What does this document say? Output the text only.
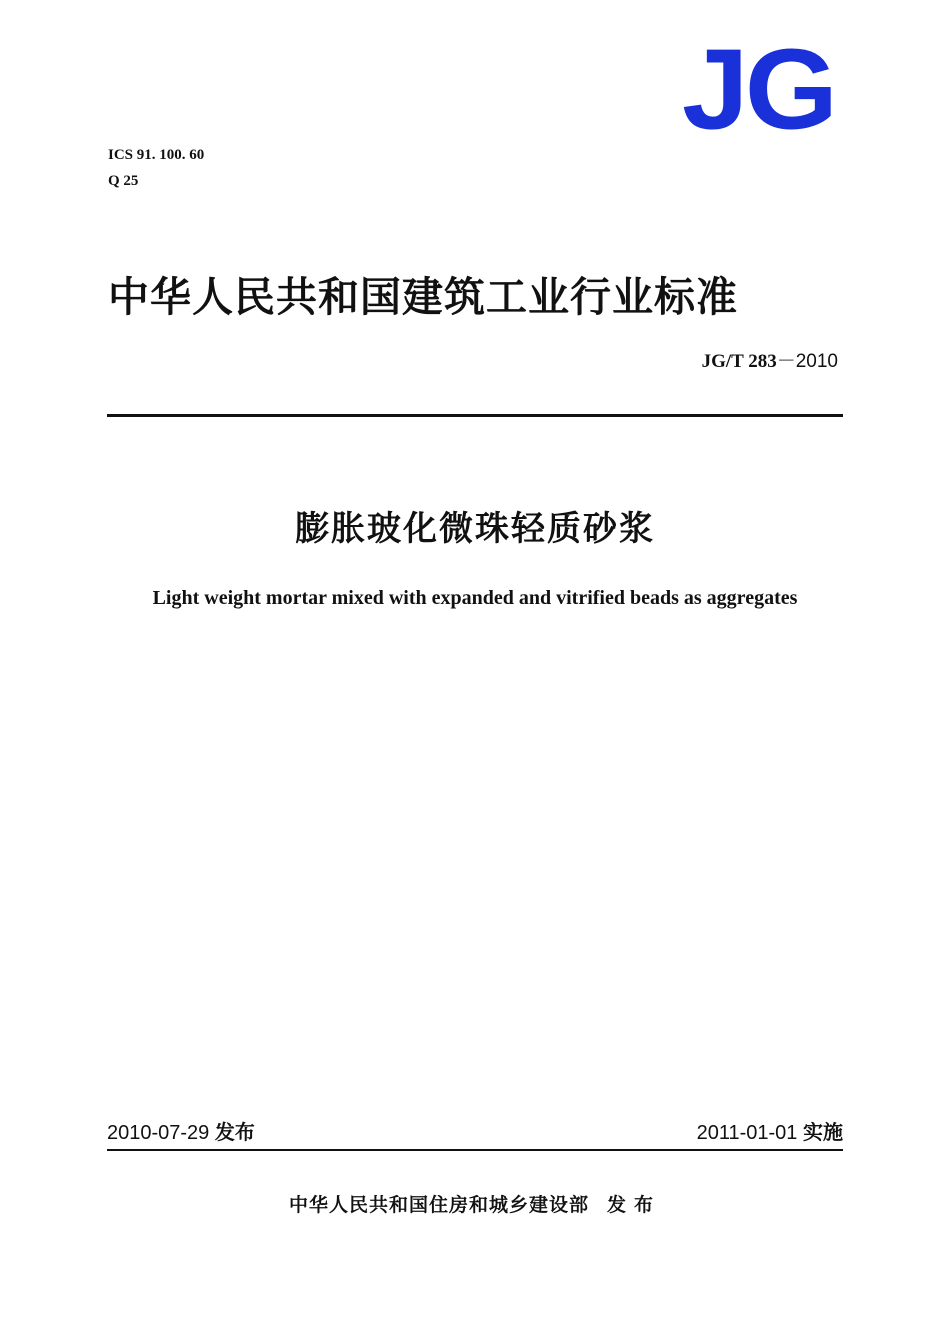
JG
ICS 91. 100. 60
Q 25
中华人民共和国建筑工业行业标准
JG/T 283－2010
膨胀玻化微珠轻质砂浆
Light weight mortar mixed with expanded and vitrified beads as aggregates
2010-07-29 发布	2011-01-01 实施
中华人民共和国住房和城乡建设部 发布
